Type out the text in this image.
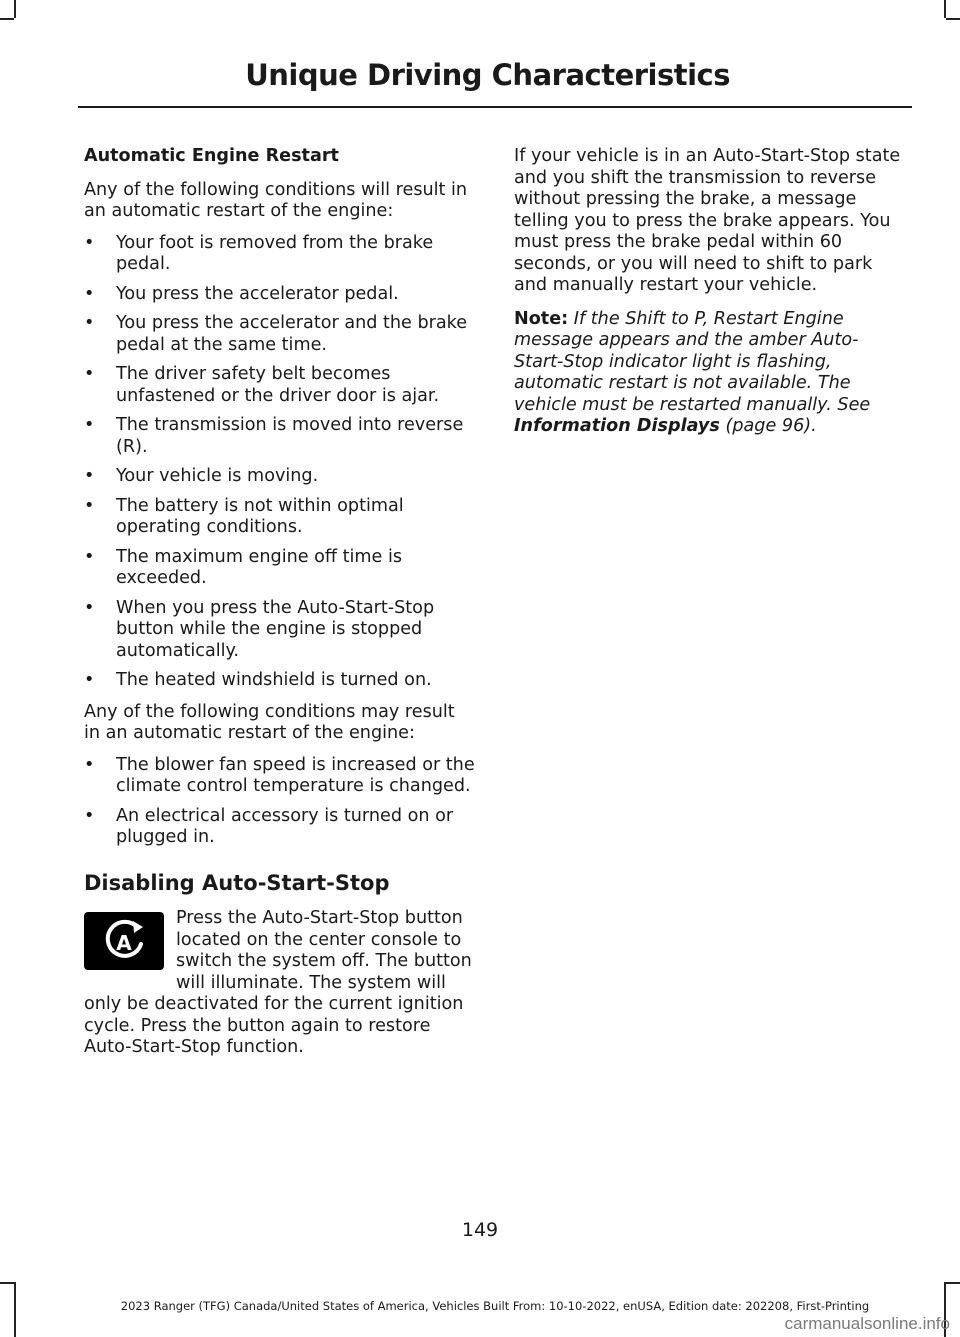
Unique Driving Characteristics
Automatic Engine Restart
Any of the following conditions will result in an automatic restart of the engine:
• Your foot is removed from the brake pedal.
• You press the accelerator pedal.
• You press the accelerator and the brake pedal at the same time.
• The driver safety belt becomes unfastened or the driver door is ajar.
• The transmission is moved into reverse (R).
• Your vehicle is moving.
• The battery is not within optimal operating conditions.
• The maximum engine off time is exceeded.
• When you press the Auto-Start-Stop button while the engine is stopped automatically.
• The heated windshield is turned on.
Any of the following conditions may result in an automatic restart of the engine:
• The blower fan speed is increased or the climate control temperature is changed.
• An electrical accessory is turned on or plugged in.
Disabling Auto-Start-Stop
A
Press the Auto-Start-Stop button located on the center console to switch the system off. The button will illuminate. The system will only be deactivated for the current ignition cycle. Press the button again to restore Auto-Start-Stop function.
If your vehicle is in an Auto-Start-Stop state and you shift the transmission to reverse without pressing the brake, a message telling you to press the brake appears. You must press the brake pedal within 60 seconds, or you will need to shift to park and manually restart your vehicle.
Note: If the Shift to P, Restart Engine message appears and the amber Auto-Start-Stop indicator light is flashing, automatic restart is not available. The vehicle must be restarted manually. See Information Displays (page 96).
149
2023 Ranger (TFG) Canada/United States of America, Vehicles Built From: 10-10-2022, enUSA, Edition date: 202208, First-Printing
carmanualsonline.info
